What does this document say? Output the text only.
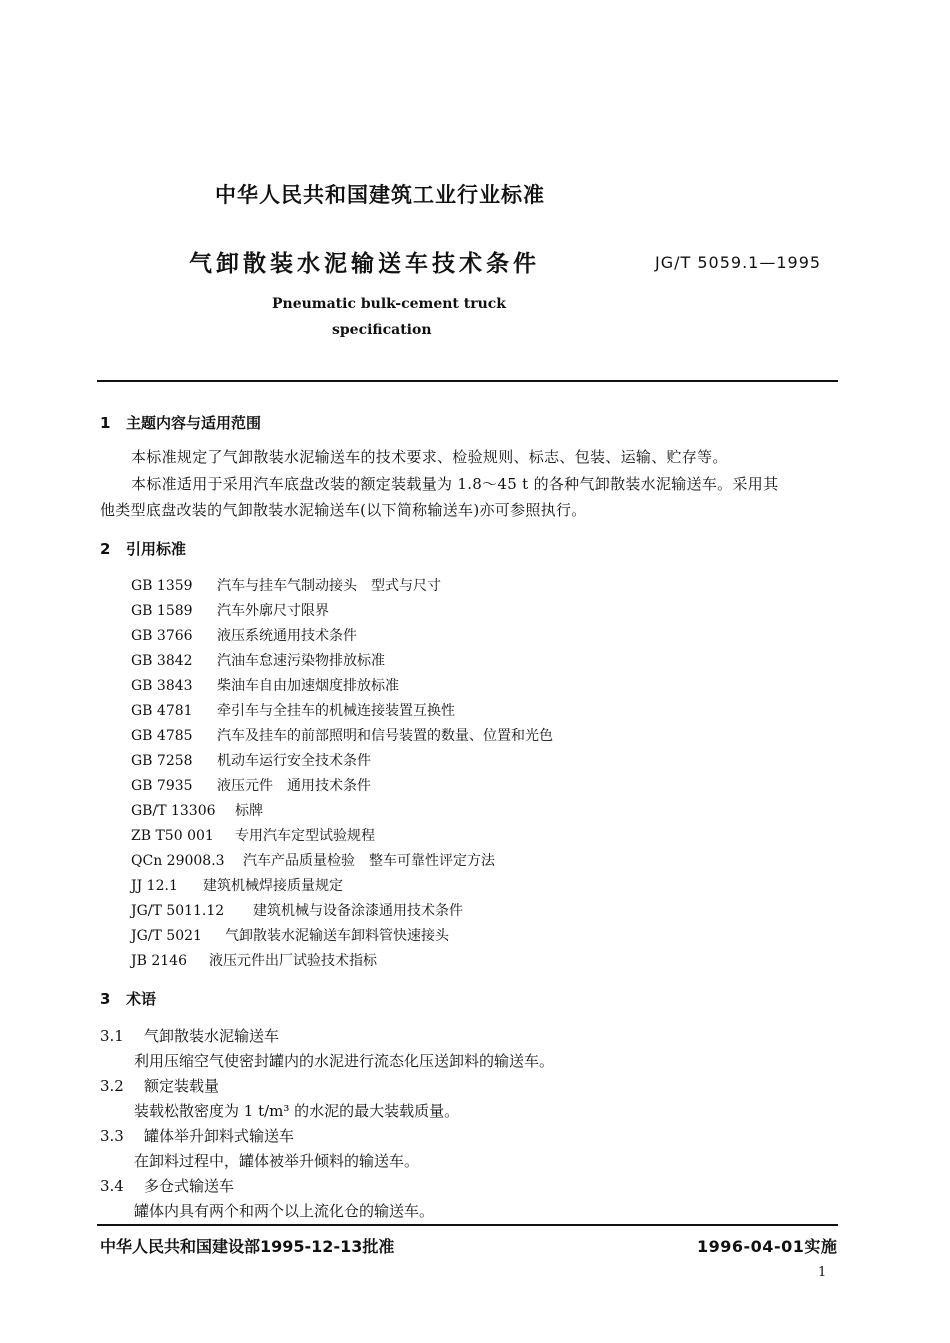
中华人民共和国建筑工业行业标准
气卸散装水泥输送车技术条件	JG/T 5059.1—1995
Pneumatic bulk-cement truck
specification
1 主题内容与适用范围
本标准规定了气卸散装水泥输送车的技术要求、检验规则、标志、包装、运输、贮存等。
本标准适用于采用汽车底盘改装的额定装载量为 1.8～45 t 的各种气卸散装水泥输送车。采用其
他类型底盘改装的气卸散装水泥输送车(以下简称输送车)亦可参照执行。
2 引用标准
GB 1359 汽车与挂车气制动接头　型式与尺寸
GB 1589 汽车外廓尺寸限界
GB 3766 液压系统通用技术条件
GB 3842 汽油车怠速污染物排放标准
GB 3843 柴油车自由加速烟度排放标准
GB 4781 牵引车与全挂车的机械连接装置互换性
GB 4785 汽车及挂车的前部照明和信号装置的数量、位置和光色
GB 7258 机动车运行安全技术条件
GB 7935 液压元件　通用技术条件
GB/T 13306 标牌
ZB T50 001 专用汽车定型试验规程
QCn 29008.3 汽车产品质量检验　整车可靠性评定方法
JJ 12.1 建筑机械焊接质量规定
JG/T 5011.12 建筑机械与设备涂漆通用技术条件
JG/T 5021 气卸散装水泥输送车卸料管快速接头
JB 2146 液压元件出厂试验技术指标
3 术语
3.1 气卸散装水泥输送车
利用压缩空气使密封罐内的水泥进行流态化压送卸料的输送车。
3.2 额定装载量
装载松散密度为 1 t/m³ 的水泥的最大装载质量。
3.3 罐体举升卸料式输送车
在卸料过程中，罐体被举升倾料的输送车。
3.4 多仓式输送车
罐体内具有两个和两个以上流化仓的输送车。
中华人民共和国建设部1995-12-13批准	1996-04-01实施
1
